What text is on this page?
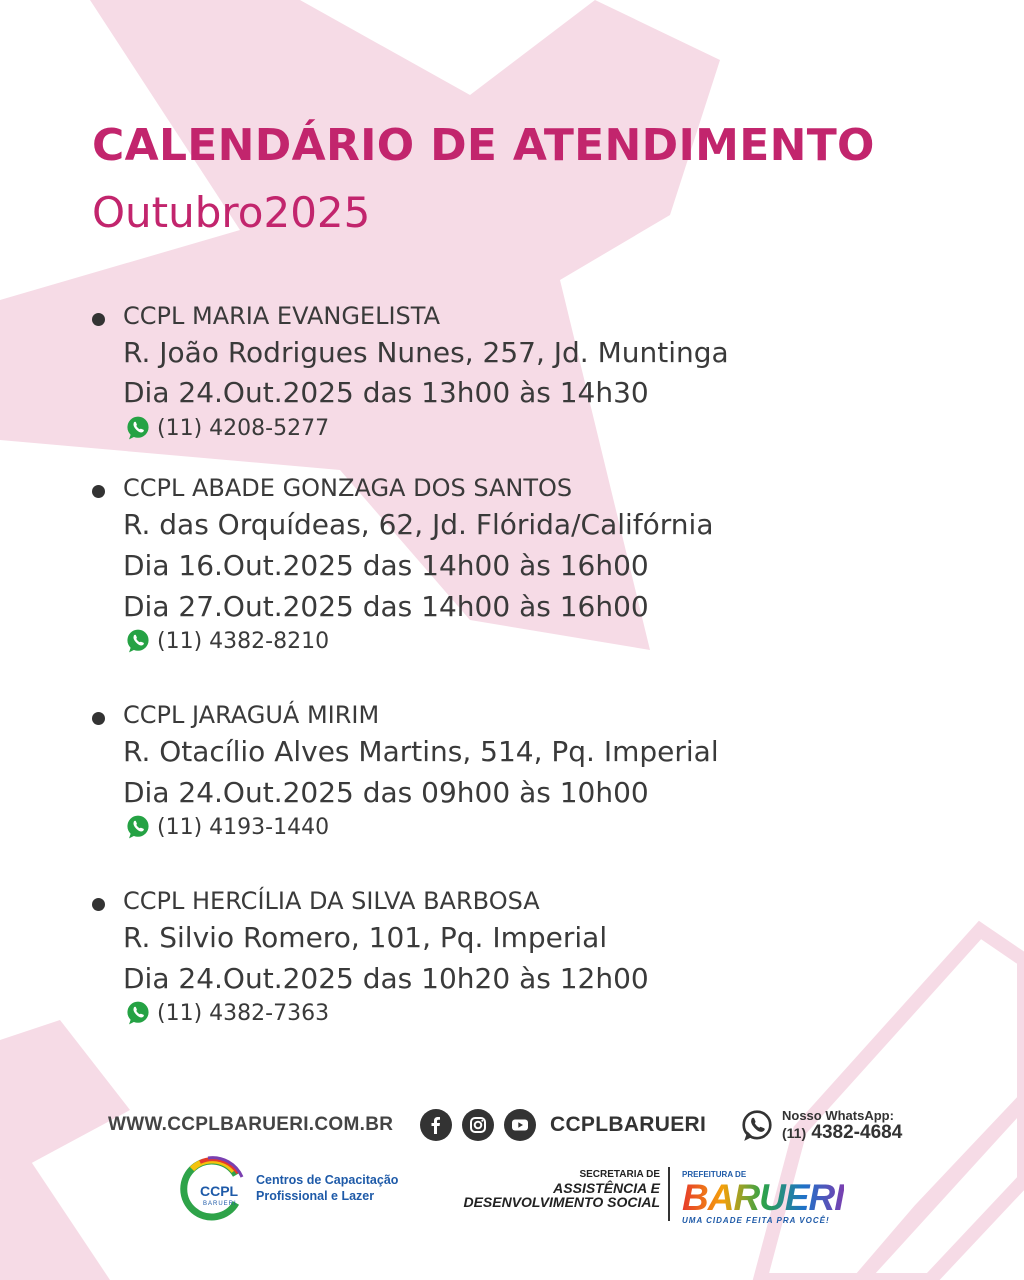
CALENDÁRIO DE ATENDIMENTO
Outubro2025
CCPL MARIA EVANGELISTA
R. João Rodrigues Nunes, 257, Jd. Muntinga
Dia 24.Out.2025 das 13h00 às 14h30
(11) 4208-5277
CCPL ABADE GONZAGA DOS SANTOS
R. das Orquídeas, 62, Jd. Flórida/Califórnia
Dia 16.Out.2025 das 14h00 às 16h00
Dia 27.Out.2025 das 14h00 às 16h00
(11) 4382-8210
CCPL JARAGUÁ MIRIM
R. Otacílio Alves Martins, 514, Pq. Imperial
Dia 24.Out.2025 das 09h00 às 10h00
(11) 4193-1440
CCPL HERCÍLIA DA SILVA BARBOSA
R. Silvio Romero, 101, Pq. Imperial
Dia 24.Out.2025 das 10h20 às 12h00
(11) 4382-7363
WWW.CCPLBARUERI.COM.BR	CCPLBARUERI	Nosso WhatsApp:
(11) 4382-4684
CCPL
BARUERI
Centros de Capacitação
Profissional e Lazer
SECRETARIA DE
ASSISTÊNCIA E
DESENVOLVIMENTO SOCIAL
PREFEITURA DE
BARUERI
UMA CIDADE FEITA PRA VOCÊ!
